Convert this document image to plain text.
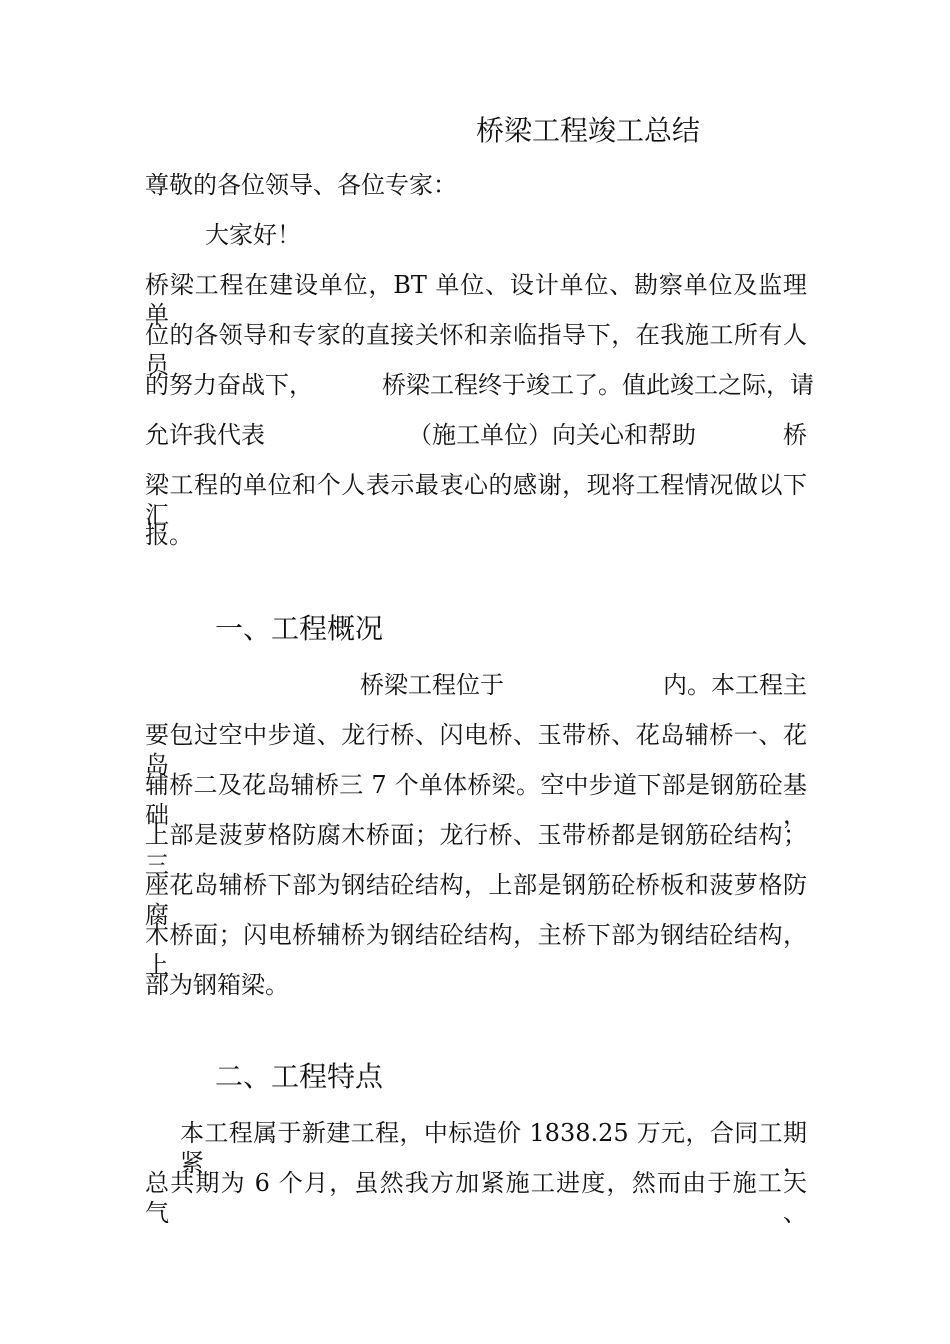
桥梁工程竣工总结
尊敬的各位领导、各位专家：
大家好！
桥梁工程在建设单位，BT 单位、设计单位、勘察单位及监理单
位的各领导和专家的直接关怀和亲临指导下，在我施工所有人员
的努力奋战下，	桥梁工程终于竣工了。值此竣工之际，请
允许我代表	（施工单位）向关心和帮助	桥
梁工程的单位和个人表示最衷心的感谢，现将工程情况做以下汇
报。
一、工程概况
桥梁工程位于	内。本工程主
要包过空中步道、龙行桥、闪电桥、玉带桥、花岛辅桥一、花岛
辅桥二及花岛辅桥三 7 个单体桥梁。空中步道下部是钢筋砼基础，
上部是菠萝格防腐木桥面；龙行桥、玉带桥都是钢筋砼结构；三
座花岛辅桥下部为钢结砼结构，上部是钢筋砼桥板和菠萝格防腐
木桥面；闪电桥辅桥为钢结砼结构，主桥下部为钢结砼结构，上
部为钢箱梁。
二、工程特点
本工程属于新建工程，中标造价 1838.25 万元，合同工期紧，
总共期为 6 个月，虽然我方加紧施工进度，然而由于施工天气、
